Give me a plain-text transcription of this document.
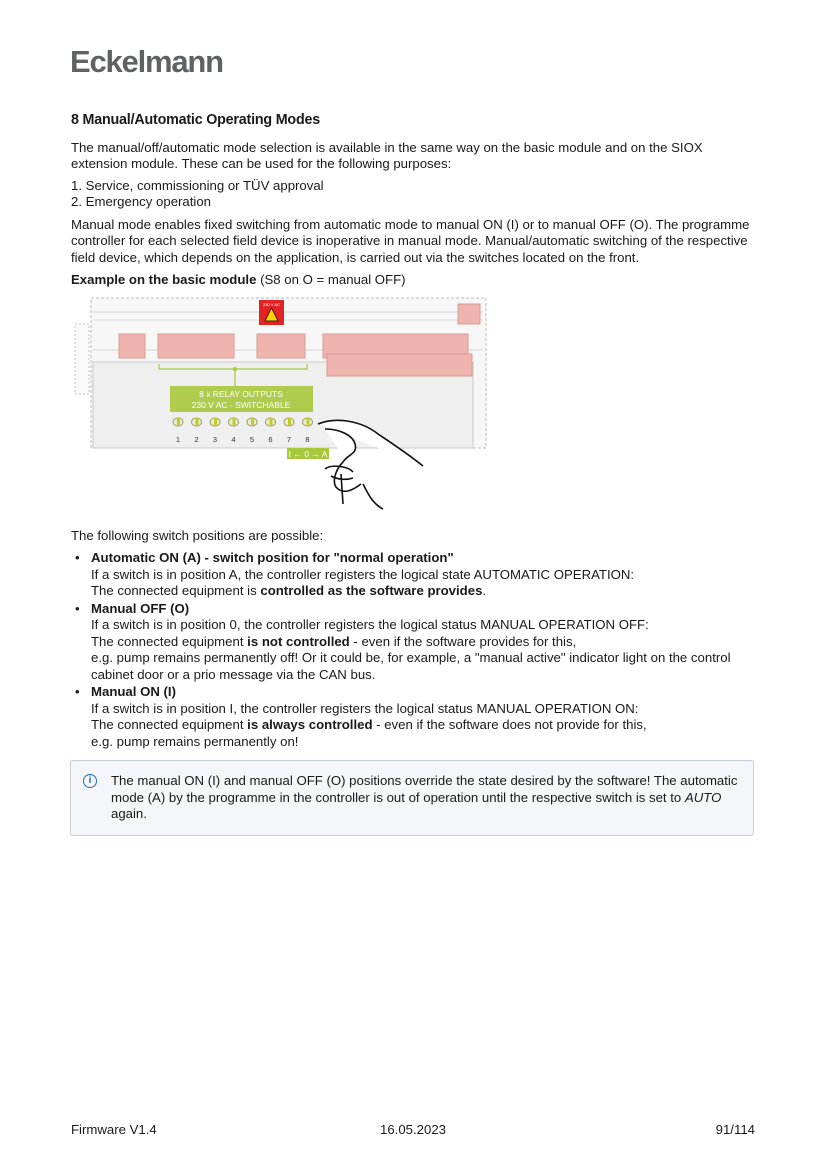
Eckelmann
8 Manual/Automatic Operating Modes

The manual/off/automatic mode selection is available in the same way on the basic module and on the SIOX extension module. These can be used for the following purposes:

1. Service, commissioning or TÜV approval
2. Emergency operation

Manual mode enables fixed switching from automatic mode to manual ON (I) or to manual OFF (O). The programme controller for each selected field device is inoperative in manual mode. Manual/automatic switching of the respective field device, which depends on the application, is carried out via the switches located on the front.

Example on the basic module (S8 on O = manual OFF)

230 V AC
8 x RELAY OUTPUTS
230 V AC - SWITCHABLE
1 2 3 4 5 6 7 8
I ← 0 → A

The following switch positions are possible:

• Automatic ON (A) - switch position for "normal operation"
If a switch is in position A, the controller registers the logical state AUTOMATIC OPERATION:
The connected equipment is controlled as the software provides.
• Manual OFF (O)
If a switch is in position 0, the controller registers the logical status MANUAL OPERATION OFF:
The connected equipment is not controlled - even if the software provides for this,
e.g. pump remains permanently off! Or it could be, for example, a "manual active" indicator light on the control cabinet door or a prio message via the CAN bus.
• Manual ON (I)
If a switch is in position I, the controller registers the logical status MANUAL OPERATION ON:
The connected equipment is always controlled - even if the software does not provide for this,
e.g. pump remains permanently on!
i	The manual ON (I) and manual OFF (O) positions override the state desired by the software! The automatic mode (A) by the programme in the controller is out of operation until the respective switch is set to AUTO again.
Firmware V1.4	16.05.2023	91/114
